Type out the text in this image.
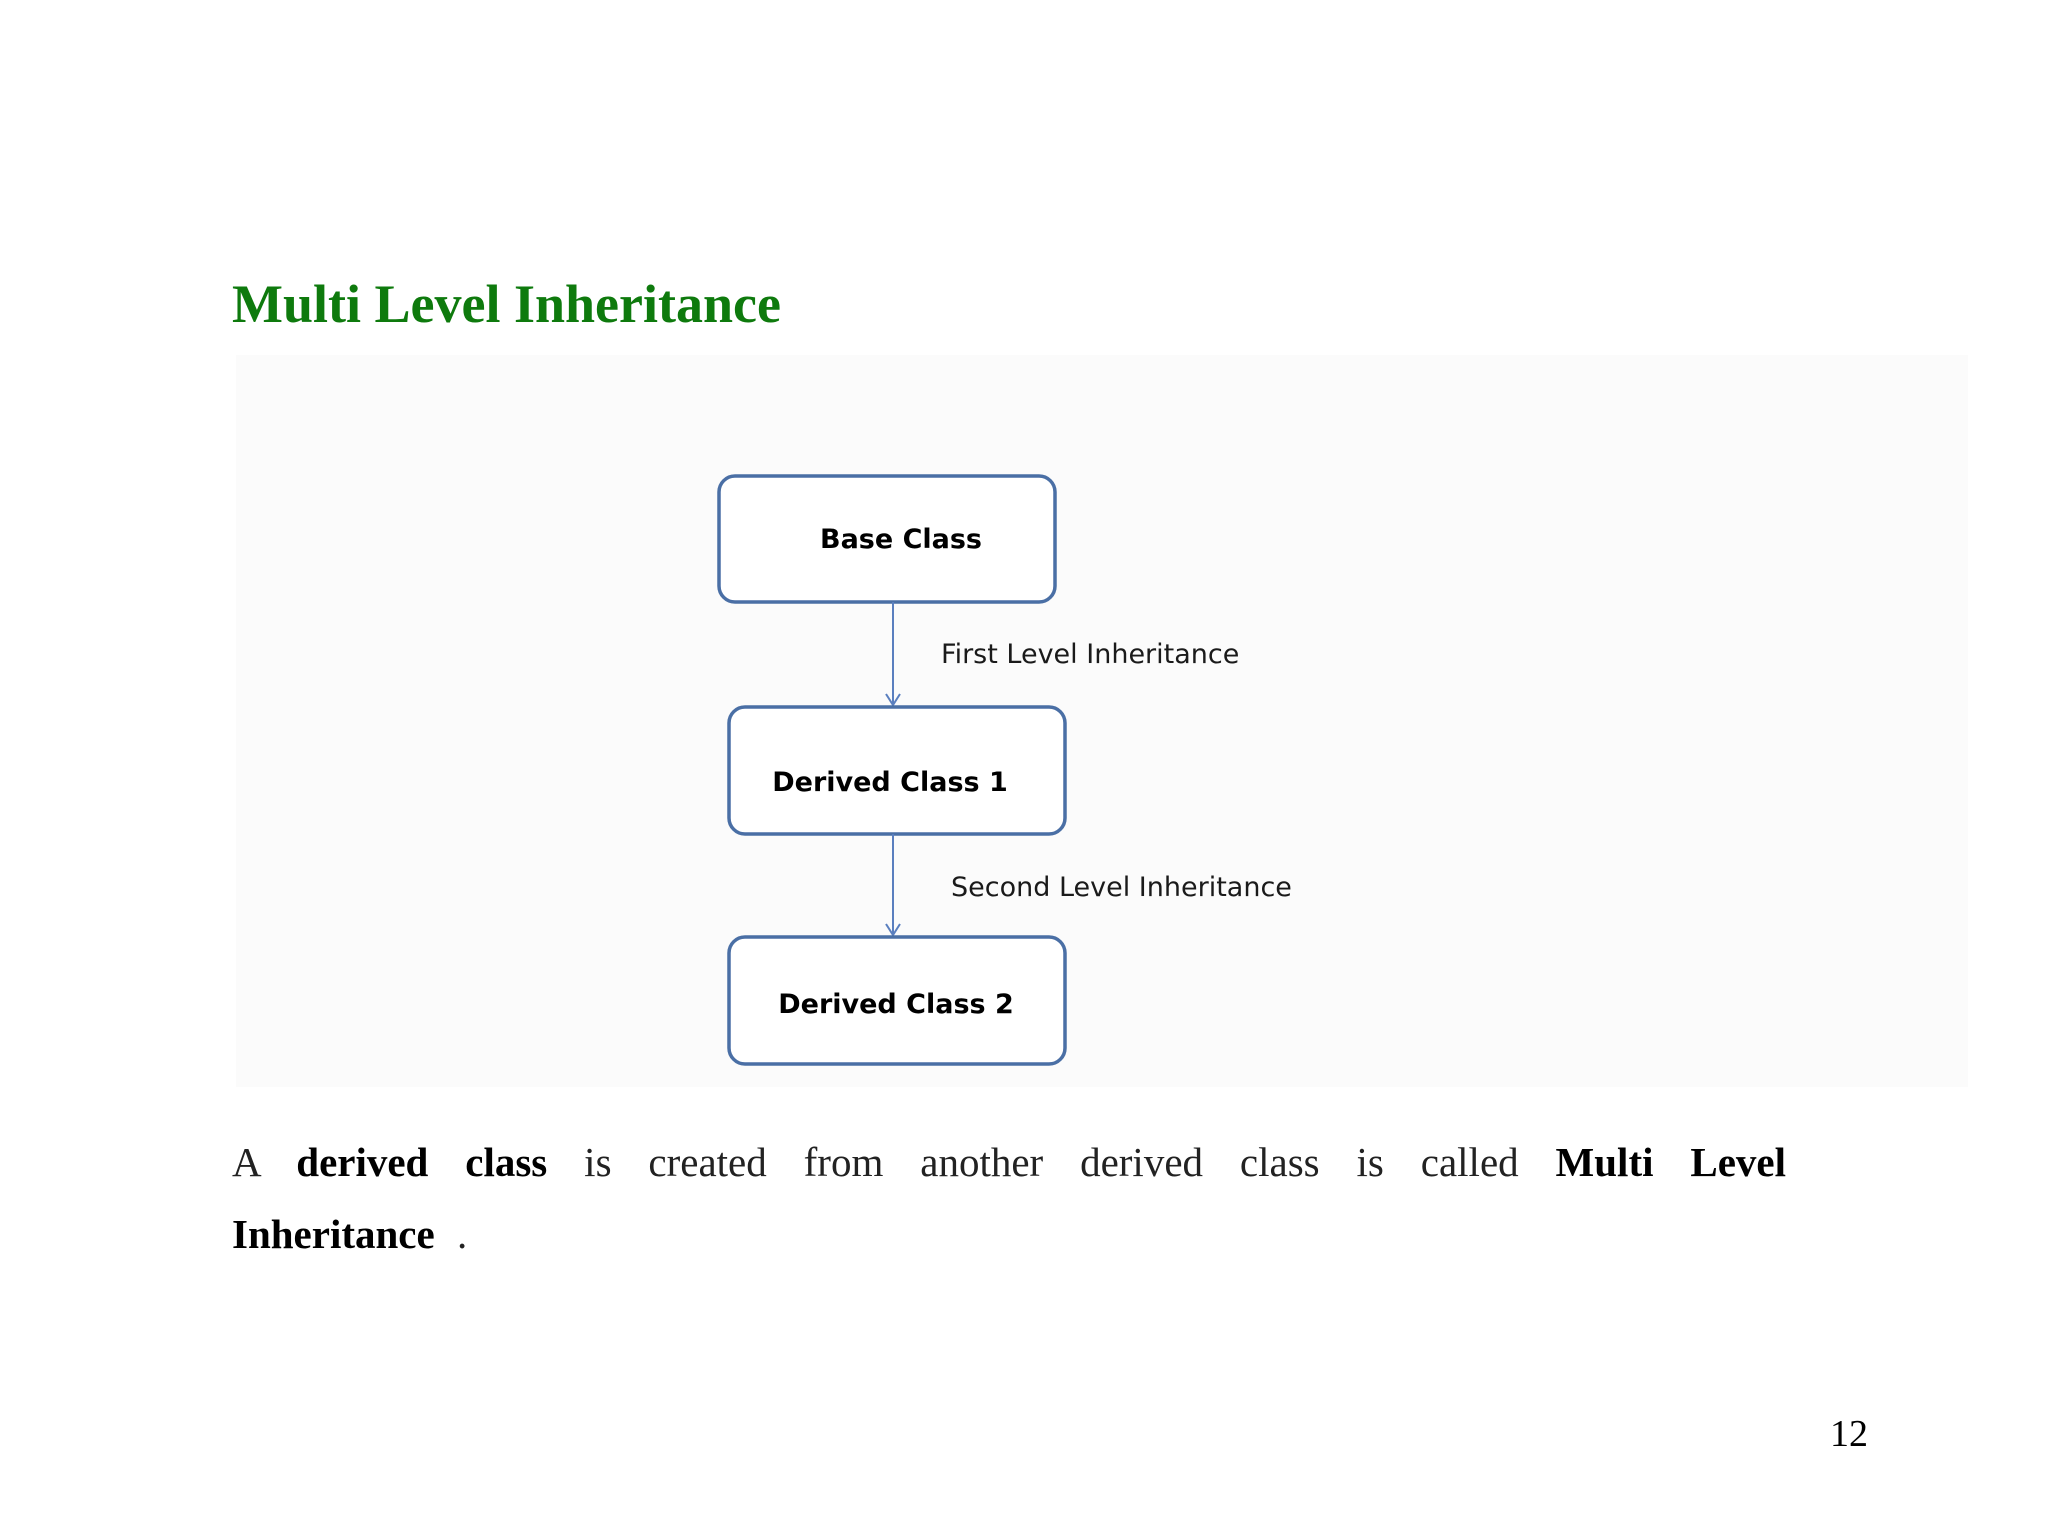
Multi Level Inheritance
Base Class
First Level Inheritance
Derived Class 1
Second Level Inheritance
Derived Class 2

A derived class is created from another derived class is called Multi Level Inheritance .

12
